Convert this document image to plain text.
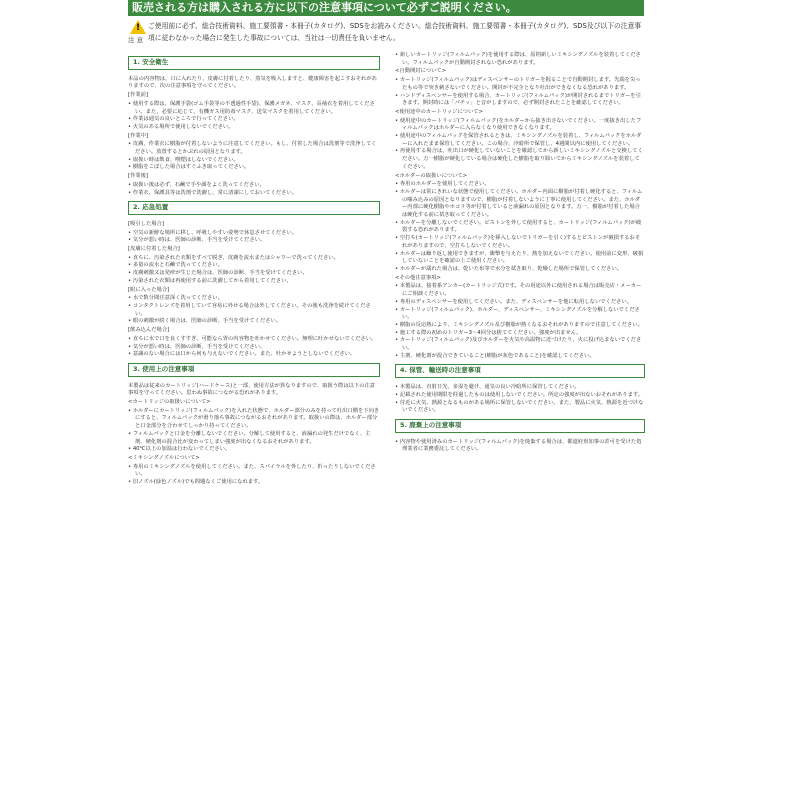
販売される方は購入される方に以下の注意事項について必ずご説明ください。
!
注 意
ご使用前に必ず、総合技術資料、施工要領書・本冊子(カタログ)、SDSをお読みください。総合技術資料、施工要領書・本冊子(カタログ)、SDS及び以下の注意事項に従わなかった場合に発生した事故については、当社は一切責任を負いません。
1. 安全衛生
本品の内容物は、口に入れたり、皮膚に付着したり、蒸気を吸入しますと、健康障害を起こすおそれがありますので、次の注意事項を守ってください。
[作業前]
• 使用する際は、保護手袋(ゴム手袋等の不透過性手袋)、保護メガネ、マスク、長袖衣を着用してください。また、必要に応じて、有機ガス用防毒マスク、送気マスクを着用してください。
• 作業は通気の良いところで行ってください。
• 火気のある場所で使用しないでください。
[作業中]
• 皮膚、作業衣に樹脂が付着しないように注意してください。もし、付着した場合は洗剤等で洗浄してください。放置するとかぶれの原因となります。
• 取扱い時は飲食、喫煙はしないでください。
• 樹脂をこぼした場合はすぐふき取ってください。
[作業後]
• 取扱い後は必ず、石鹸で手や顔をよく洗ってください。
• 作業衣、保護具等は洗剤で洗濯し、常に清潔にしておいてください。
2. 応急処置
[吸引した場合]
• 空気の新鮮な場所に移し、呼吸しやすい姿勢で休息させてください。
• 気分が悪い時は、医師の診断、手当を受けてください。
[皮膚に付着した場合]
• 直ちに、汚染された衣類をすべて脱ぎ、皮膚を流水またはシャワーで洗ってください。
• 多量の流水と石鹸で洗ってください。
• 皮膚刺激又は発疹が生じた場合は、医師の診断、手当を受けてください。
• 汚染された衣類は再使用する前に洗濯してから着用してください。
[眼に入った場合]
• 水で数分間注意深く洗ってください。
• コンタクトレンズを着用していて容易に外せる場合は外してください。その後も洗浄を続けてください。
• 眼の刺激が続く場合は、医師の診断、手当を受けてください。
[飲み込んだ場合]
• 直ちに水で口を良くすすぎ、可能なら胃の内容物を吐かせてください。無理に吐かせないでください。
• 気分が悪い時は、医師の診断、手当を受けてください。
• 意識のない場合には口から何も与えないでください。また、吐かせようとしないでください。
3. 使用上の注意事項
本製品は従来のカートリッジ(ハードケース)と一部、使用方法が異なりますので、取扱う際は以下の注意事項を守ってください。思わぬ事故につながる恐れがあります。
<カートリッジの取扱いについて>
• ホルダーにカートリッジ(フィルムパック)を入れた状態で、ホルダー部分のみを持って吐出口側を下向きにすると、フィルムパックが滑り落ち事故につながるおそれがあります。取扱いの際は、ホルダー部分と口金部分を合わせてしっかり持ってください。
• フィルムパックと口金を分離しないでください。分解して使用すると、液漏れの発生だけでなく、主剤、硬化剤の混合比が変わってしまい強度が出なくなるおそれがあります。
• 40℃以上の加温は行わないでください。
<ミキシングノズルについて>
• 専用のミキシングノズルを使用してください。また、スパイラルを外したり、折ったりしないでください。
• 旧ノズル(緑色ノズル)でも問題なくご使用になれます。
• 新しいカートリッジ(フィルムパック)を使用する際は、原則新しいミキシングノズルを装着してください。フィルムパックが自動開封されない恐れがあります。
<自動開封について>
• カートリッジ(フィルムパック)はディスペンサーのトリガーを握ることで自動開封します。先端を尖ったもの等で突き刺さないでください。開封が不完全となり吐出ができなくなる恐れがあります。
• ハンドディスペンサーを使用する場合、カートリッジ(フィルムパック)が開封されるまでトリガーを引きます。開封時には「パチッ」と音がしますので、必ず開封されたことを確認してください。
<使用途中のカートリッジについて>
• 使用途中のカートリッジ(フィルムパック)をホルダーから抜き出さないでください。一度抜き出したフィルムパックはホルダーに入らなくなり使用できなくなります。
• 使用途中のフィルムパックを保管されるときは、ミキシングノズルを装着し、フィルムパックをホルダーに入れたまま保管してください。この場合、冷暗所で保管し、4週間以内に使用してください。
• 再使用する場合は、吐出口が硬化していないことを確認してから新しいミキシングノズルと交換してください。万一樹脂が硬化している場合は硬化した樹脂を取り除いてからミキシングノズルを装着してください。
<ホルダーの取扱いについて>
• 専用のホルダーを使用してください。
• ホルダーは常にきれいな状態で使用してください。ホルダー内面に樹脂が付着し硬化すると、フィルムの噛み込みの原因となりますので、樹脂が付着しないように丁寧に使用してください。また、ホルダー内部に硬化樹脂やホコリ等が付着していると液漏れの原因となります。万一、樹脂が付着した場合は硬化する前に拭き取ってください。
• ホルダーを分離しないでください。ピストンを外して使用すると、カートリッジ(フィルムパック)が破裂する恐れがあります。
• 空打ち(カートリッジ(フィルムパック)を挿入しないでトリガーを引く)するとピストンが破損するおそれがありますので、空打ちしないでください。
• ホルダーは繰り返し使用できますが、衝撃を与えたり、熱を加えないでください。使用前に変形、破損していないことを確認の上ご使用ください。
• ホルダーが濡れた場合は、乾いた布等で水分を拭き取り、乾燥した場所で保管してください。
<その他注意事項>
• 本製品は、接着系アンカー(カートリッジ式)です。その用途以外に使用される場合は販売店・メーカーにご相談ください。
• 専用のディスペンサーを使用してください。また、ディスペンサーを他に転用しないでください。
• カートリッジ(フィルムパック)、ホルダー、ディスペンサー、ミキシングノズルを分解しないでください。
• 樹脂の反応熱により、ミキシングノズル及び樹脂が熱くなるおそれがありますので注意してください。
• 施工する際の初めのトリガー3〜4回分は捨ててください。強度が出ません。
• カートリッジ(フィルムパック)及びホルダーを火気や高温物に近づけたり、火に投げ込まないでください。
• 主剤、硬化剤が混合できていること(樹脂が灰色であること)を確認してください。
4. 保管、輸送時の注意事項
• 本製品は、直射日光、多湿を避け、通気の良い冷暗所に保管してください。
• 記載された使用期限を経過したものは使用しないでください。所定の強度が出ないおそれがあります。
• 付近に火気、熱源となるものがある場所に保管しないでください。また、製品に火気、熱源を近づけないでください。
5. 廃棄上の注意事項
• 内容物や使用済みのカートリッジ(フィルムパック)を廃棄する場合は、都道府県知事の許可を受けた処理業者に業務委託してください。
